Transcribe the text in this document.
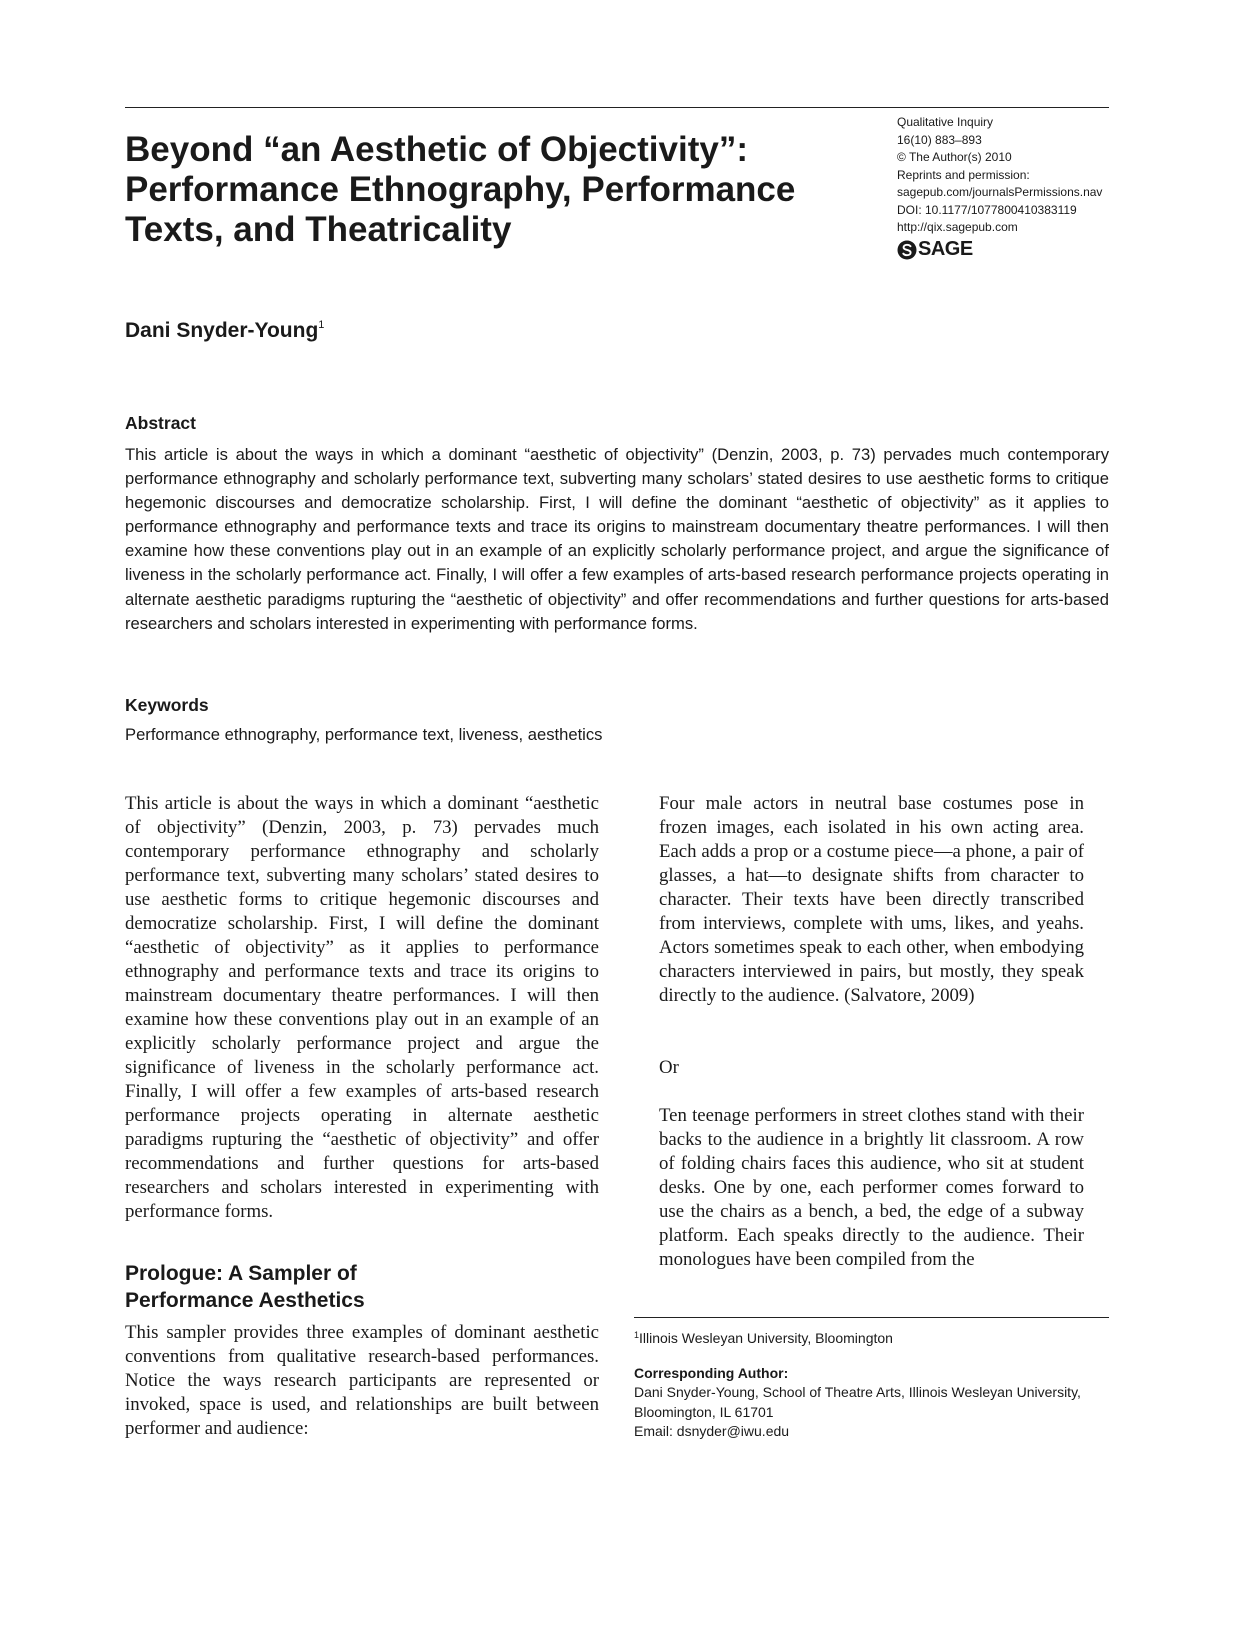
Beyond “an Aesthetic of Objectivity”:
Performance Ethnography, Performance
Texts, and Theatricality
Qualitative Inquiry
16(10) 883–893
© The Author(s) 2010
Reprints and permission:
sagepub.com/journalsPermissions.nav
DOI: 10.1177/1077800410383119
http://qix.sagepub.com
SAGE
Dani Snyder-Young$^1$
Abstract

This article is about the ways in which a dominant “aesthetic of objectivity” (Denzin, 2003, p. 73) pervades much contemporary performance ethnography and scholarly performance text, subverting many scholars’ stated desires to use aesthetic forms to critique hegemonic discourses and democratize scholarship. First, I will define the dominant “aesthetic of objectivity” as it applies to performance ethnography and performance texts and trace its origins to mainstream documentary theatre performances. I will then examine how these conventions play out in an example of an explicitly scholarly performance project, and argue the significance of liveness in the scholarly performance act. Finally, I will offer a few examples of arts-based research performance projects operating in alternate aesthetic paradigms rupturing the “aesthetic of objectivity” and offer recommendations and further questions for arts-based researchers and scholars interested in experimenting with performance forms.

Keywords

Performance ethnography, performance text, liveness, aesthetics

This article is about the ways in which a dominant “aesthetic of objectivity” (Denzin, 2003, p. 73) pervades much contemporary performance ethnography and scholarly performance text, subverting many scholars’ stated desires to use aesthetic forms to critique hegemonic discourses and democratize scholarship. First, I will define the dominant “aesthetic of objectivity” as it applies to performance ethnography and performance texts and trace its origins to mainstream documentary theatre performances. I will then examine how these conventions play out in an example of an explicitly scholarly performance project and argue the significance of liveness in the scholarly performance act. Finally, I will offer a few examples of arts-based research performance projects operating in alternate aesthetic paradigms rupturing the “aesthetic of objectivity” and offer recommendations and further questions for arts-based researchers and scholars interested in experimenting with performance forms.

Prologue: A Sampler of
Performance Aesthetics

This sampler provides three examples of dominant aesthetic conventions from qualitative research-based performances. Notice the ways research participants are represented or invoked, space is used, and relationships are built between performer and audience:

Four male actors in neutral base costumes pose in frozen images, each isolated in his own acting area. Each adds a prop or a costume piece—a phone, a pair of glasses, a hat—to designate shifts from character to character. Their texts have been directly transcribed from interviews, complete with ums, likes, and yeahs. Actors sometimes speak to each other, when embodying characters interviewed in pairs, but mostly, they speak directly to the audience. (Salvatore, 2009)

Or

Ten teenage performers in street clothes stand with their backs to the audience in a brightly lit classroom. A row of folding chairs faces this audience, who sit at student desks. One by one, each performer comes forward to use the chairs as a bench, a bed, the edge of a subway platform. Each speaks directly to the audience. Their monologues have been compiled from the

$^1$Illinois Wesleyan University, Bloomington
Corresponding Author:
Dani Snyder-Young, School of Theatre Arts, Illinois Wesleyan University,
Bloomington, IL 61701
Email: dsnyder@iwu.edu
